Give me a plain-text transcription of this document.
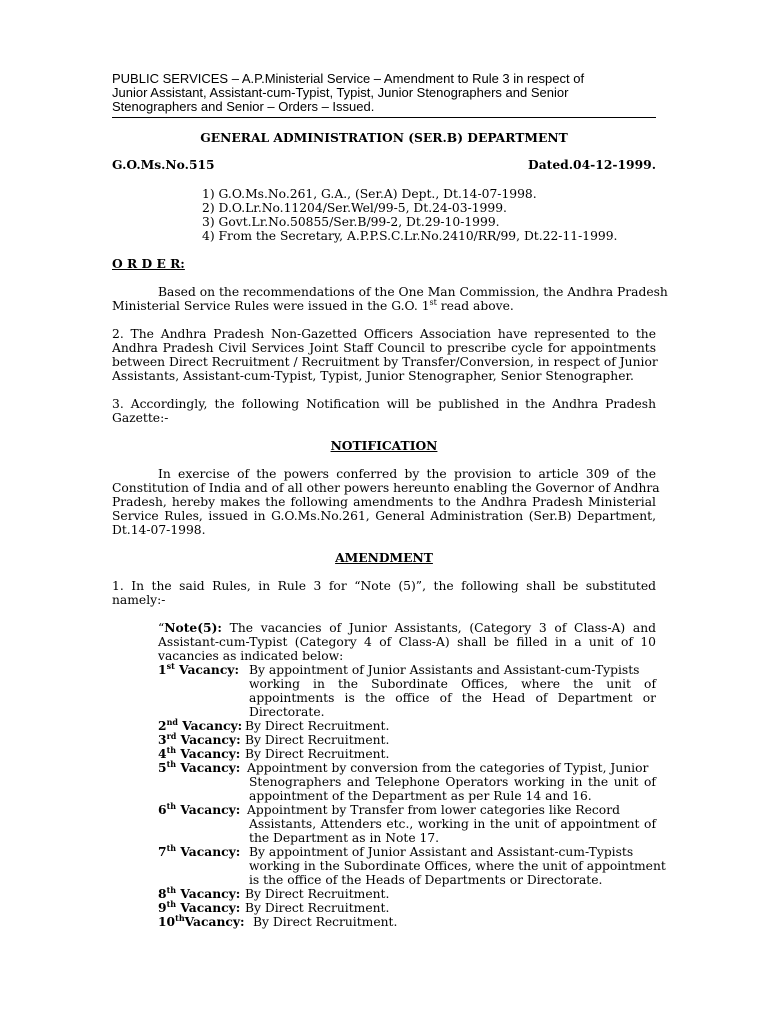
PUBLIC SERVICES – A.P.Ministerial Service – Amendment to Rule 3 in respect of
Junior Assistant, Assistant-cum-Typist, Typist, Junior Stenographers and Senior
Stenographers and Senior – Orders – Issued.
GENERAL ADMINISTRATION (SER.B) DEPARTMENT
G.O.Ms.No.515	Dated.04-12-1999.
1) G.O.Ms.No.261, G.A., (Ser.A) Dept., Dt.14-07-1998.
2) D.O.Lr.No.11204/Ser.Wel/99-5, Dt.24-03-1999.
3) Govt.Lr.No.50855/Ser.B/99-2, Dt.29-10-1999.
4) From the Secretary, A.P.P.S.C.Lr.No.2410/RR/99, Dt.22-11-1999.
O R D E R:
Based on the recommendations of the One Man Commission, the Andhra Pradesh
Ministerial Service Rules were issued in the G.O. 1st read above.
2. The Andhra Pradesh Non-Gazetted Officers Association have represented to the
Andhra Pradesh Civil Services Joint Staff Council to prescribe cycle for appointments
between Direct Recruitment / Recruitment by Transfer/Conversion, in respect of Junior
Assistants, Assistant-cum-Typist, Typist, Junior Stenographer, Senior Stenographer.
3. Accordingly, the following Notification will be published in the Andhra Pradesh
Gazette:-
NOTIFICATION
In exercise of the powers conferred by the provision to article 309 of the
Constitution of India and of all other powers hereunto enabling the Governor of Andhra
Pradesh, hereby makes the following amendments to the Andhra Pradesh Ministerial
Service Rules, issued in G.O.Ms.No.261, General Administration (Ser.B) Department,
Dt.14-07-1998.
AMENDMENT
1. In the said Rules, in Rule 3 for “Note (5)”, the following shall be substituted
namely:-
“Note(5): The vacancies of Junior Assistants, (Category 3 of Class-A) and
Assistant-cum-Typist (Category 4 of Class-A) shall be filled in a unit of 10
vacancies as indicated below:
1st Vacancy: By appointment of Junior Assistants and Assistant-cum-Typists
working in the Subordinate Offices, where the unit of
appointments is the office of the Head of Department or
Directorate.
2nd Vacancy: By Direct Recruitment.
3rd Vacancy: By Direct Recruitment.
4th Vacancy: By Direct Recruitment.
5th Vacancy: Appointment by conversion from the categories of Typist, Junior
Stenographers and Telephone Operators working in the unit of
appointment of the Department as per Rule 14 and 16.
6th Vacancy: Appointment by Transfer from lower categories like Record
Assistants, Attenders etc., working in the unit of appointment of
the Department as in Note 17.
7th Vacancy: By appointment of Junior Assistant and Assistant-cum-Typists
working in the Subordinate Offices, where the unit of appointment
is the office of the Heads of Departments or Directorate.
8th Vacancy: By Direct Recruitment.
9th Vacancy: By Direct Recruitment.
10thVacancy: By Direct Recruitment.
